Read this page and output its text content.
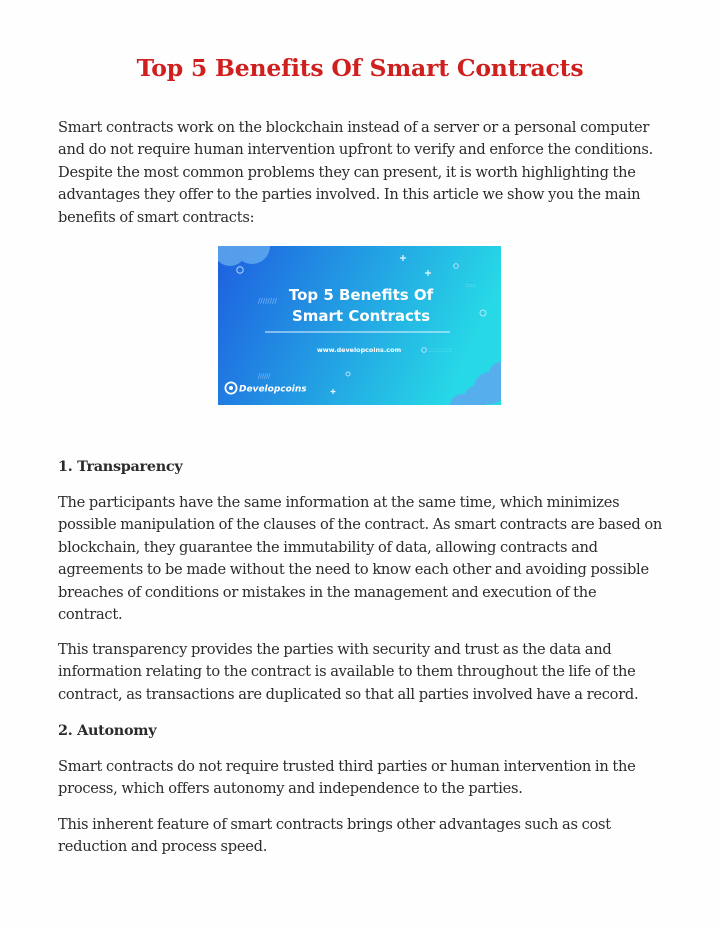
Top 5 Benefits Of Smart Contracts

Smart contracts work on the blockchain instead of a server or a personal computer and do not require human intervention upfront to verify and enforce the conditions. Despite the most common problems they can present, it is worth highlighting the advantages they offer to the parties involved. In this article we show you the main benefits of smart contracts:

////////
::::::::::::
::::::
//////
Top 5 Benefits Of
Smart Contracts
www.developcoins.com
Developcoins
1. Transparency

The participants have the same information at the same time, which minimizes possible manipulation of the clauses of the contract. As smart contracts are based on blockchain, they guarantee the immutability of data, allowing contracts and agreements to be made without the need to know each other and avoiding possible breaches of conditions or mistakes in the management and execution of the contract.

This transparency provides the parties with security and trust as the data and information relating to the contract is available to them throughout the life of the contract, as transactions are duplicated so that all parties involved have a record.

2. Autonomy

Smart contracts do not require trusted third parties or human intervention in the process, which offers autonomy and independence to the parties.

This inherent feature of smart contracts brings other advantages such as cost reduction and process speed.
